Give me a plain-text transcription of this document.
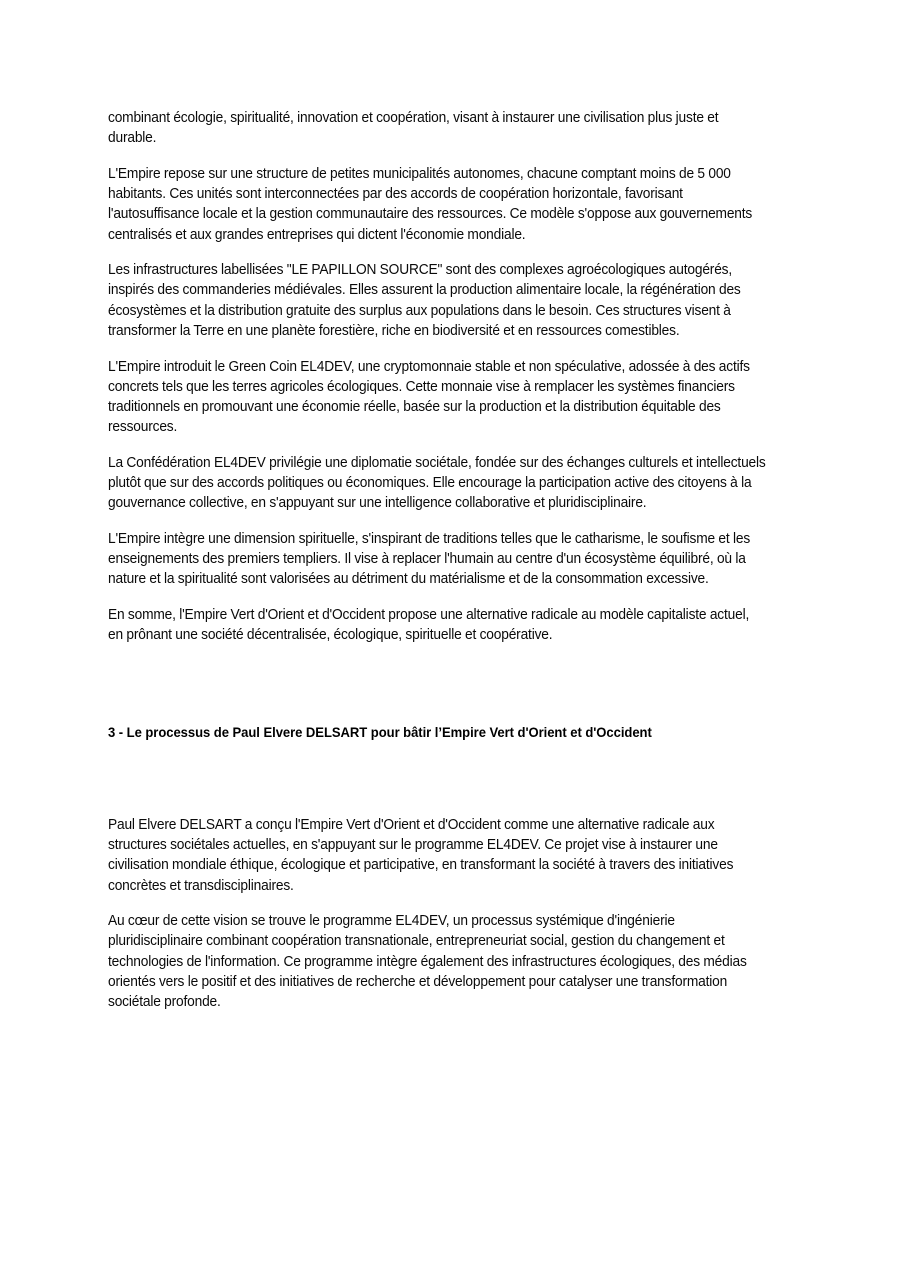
combinant écologie, spiritualité, innovation et coopération, visant à instaurer une civilisation plus juste et durable.

L'Empire repose sur une structure de petites municipalités autonomes, chacune comptant moins de 5 000 habitants. Ces unités sont interconnectées par des accords de coopération horizontale, favorisant l'autosuffisance locale et la gestion communautaire des ressources. Ce modèle s'oppose aux gouvernements centralisés et aux grandes entreprises qui dictent l'économie mondiale.

Les infrastructures labellisées "LE PAPILLON SOURCE" sont des complexes agroécologiques autogérés, inspirés des commanderies médiévales. Elles assurent la production alimentaire locale, la régénération des écosystèmes et la distribution gratuite des surplus aux populations dans le besoin. Ces structures visent à transformer la Terre en une planète forestière, riche en biodiversité et en ressources comestibles.

L'Empire introduit le Green Coin EL4DEV, une cryptomonnaie stable et non spéculative, adossée à des actifs concrets tels que les terres agricoles écologiques. Cette monnaie vise à remplacer les systèmes financiers traditionnels en promouvant une économie réelle, basée sur la production et la distribution équitable des ressources.

La Confédération EL4DEV privilégie une diplomatie sociétale, fondée sur des échanges culturels et intellectuels plutôt que sur des accords politiques ou économiques. Elle encourage la participation active des citoyens à la gouvernance collective, en s'appuyant sur une intelligence collaborative et pluridisciplinaire.

L'Empire intègre une dimension spirituelle, s'inspirant de traditions telles que le catharisme, le soufisme et les enseignements des premiers templiers. Il vise à replacer l'humain au centre d'un écosystème équilibré, où la nature et la spiritualité sont valorisées au détriment du matérialisme et de la consommation excessive.

En somme, l'Empire Vert d'Orient et d'Occident propose une alternative radicale au modèle capitaliste actuel, en prônant une société décentralisée, écologique, spirituelle et coopérative.

3 - Le processus de Paul Elvere DELSART pour bâtir l’Empire Vert d'Orient et d'Occident

Paul Elvere DELSART a conçu l'Empire Vert d'Orient et d'Occident comme une alternative radicale aux structures sociétales actuelles, en s'appuyant sur le programme EL4DEV. Ce projet vise à instaurer une civilisation mondiale éthique, écologique et participative, en transformant la société à travers des initiatives concrètes et transdisciplinaires.

Au cœur de cette vision se trouve le programme EL4DEV, un processus systémique d'ingénierie pluridisciplinaire combinant coopération transnationale, entrepreneuriat social, gestion du changement et technologies de l'information. Ce programme intègre également des infrastructures écologiques, des médias orientés vers le positif et des initiatives de recherche et développement pour catalyser une transformation sociétale profonde.
